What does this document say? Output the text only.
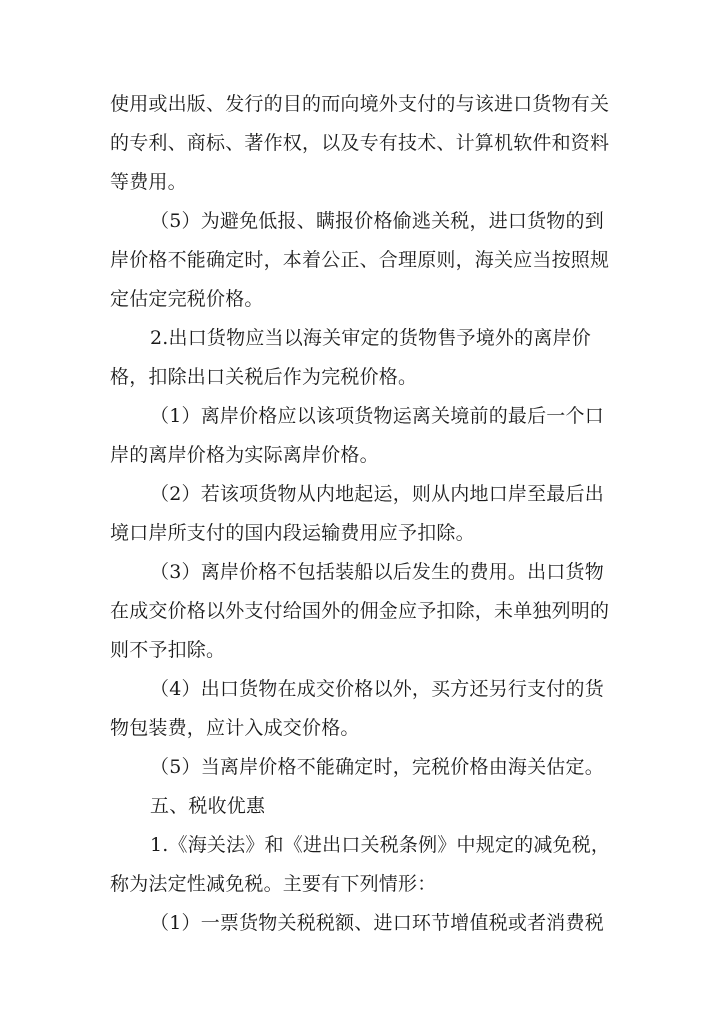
使用或出版、发行的目的而向境外支付的与该进口货物有关
的专利、商标、著作权，以及专有技术、计算机软件和资料
等费用。
（5）为避免低报、瞒报价格偷逃关税，进口货物的到
岸价格不能确定时，本着公正、合理原则，海关应当按照规
定估定完税价格。
2.出口货物应当以海关审定的货物售予境外的离岸价
格，扣除出口关税后作为完税价格。
（1）离岸价格应以该项货物运离关境前的最后一个口
岸的离岸价格为实际离岸价格。
（2）若该项货物从内地起运，则从内地口岸至最后出
境口岸所支付的国内段运输费用应予扣除。
（3）离岸价格不包括装船以后发生的费用。出口货物
在成交价格以外支付给国外的佣金应予扣除，未单独列明的
则不予扣除。
（4）出口货物在成交价格以外，买方还另行支付的货
物包装费，应计入成交价格。
（5）当离岸价格不能确定时，完税价格由海关估定。
五、税收优惠
1.《海关法》和《进出口关税条例》中规定的减免税，
称为法定性减免税。主要有下列情形：
（1）一票货物关税税额、进口环节增值税或者消费税
